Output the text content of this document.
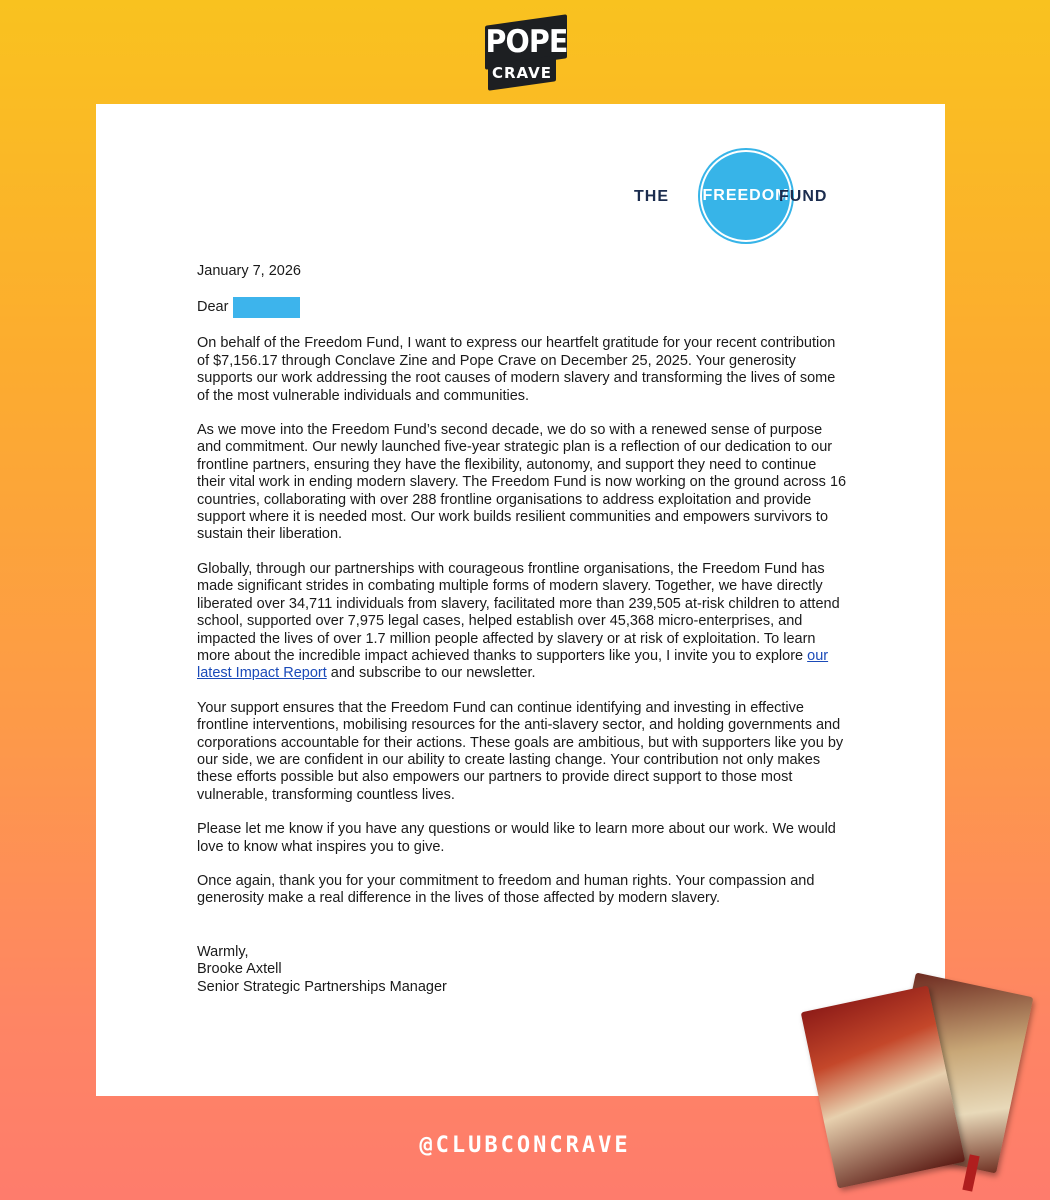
POPE
CRAVE
THE FREEDOM
FUND
January 7, 2026
Dear

On behalf of the Freedom Fund, I want to express our heartfelt gratitude for your recent contribution of $7,156.17 through Conclave Zine and Pope Crave on December 25, 2025. Your generosity supports our work addressing the root causes of modern slavery and transforming the lives of some of the most vulnerable individuals and communities.

As we move into the Freedom Fund’s second decade, we do so with a renewed sense of purpose and commitment. Our newly launched five-year strategic plan is a reflection of our dedication to our frontline partners, ensuring they have the flexibility, autonomy, and support they need to continue their vital work in ending modern slavery. The Freedom Fund is now working on the ground across 16 countries, collaborating with over 288 frontline organisations to address exploitation and provide support where it is needed most. Our work builds resilient communities and empowers survivors to sustain their liberation.

Globally, through our partnerships with courageous frontline organisations, the Freedom Fund has made significant strides in combating multiple forms of modern slavery. Together, we have directly liberated over 34,711 individuals from slavery, facilitated more than 239,505 at-risk children to attend school, supported over 7,975 legal cases, helped establish over 45,368 micro-enterprises, and impacted the lives of over 1.7 million people affected by slavery or at risk of exploitation. To learn more about the incredible impact achieved thanks to supporters like you, I invite you to explore our latest Impact Report and subscribe to our newsletter.

Your support ensures that the Freedom Fund can continue identifying and investing in effective frontline interventions, mobilising resources for the anti-slavery sector, and holding governments and corporations accountable for their actions. These goals are ambitious, but with supporters like you by our side, we are confident in our ability to create lasting change. Your contribution not only makes these efforts possible but also empowers our partners to provide direct support to those most vulnerable, transforming countless lives.

Please let me know if you have any questions or would like to learn more about our work. We would love to know what inspires you to give.

Once again, thank you for your commitment to freedom and human rights. Your compassion and generosity make a real difference in the lives of those affected by modern slavery.

Warmly,
Brooke Axtell
Senior Strategic Partnerships Manager
@CLUBCONCRAVE
